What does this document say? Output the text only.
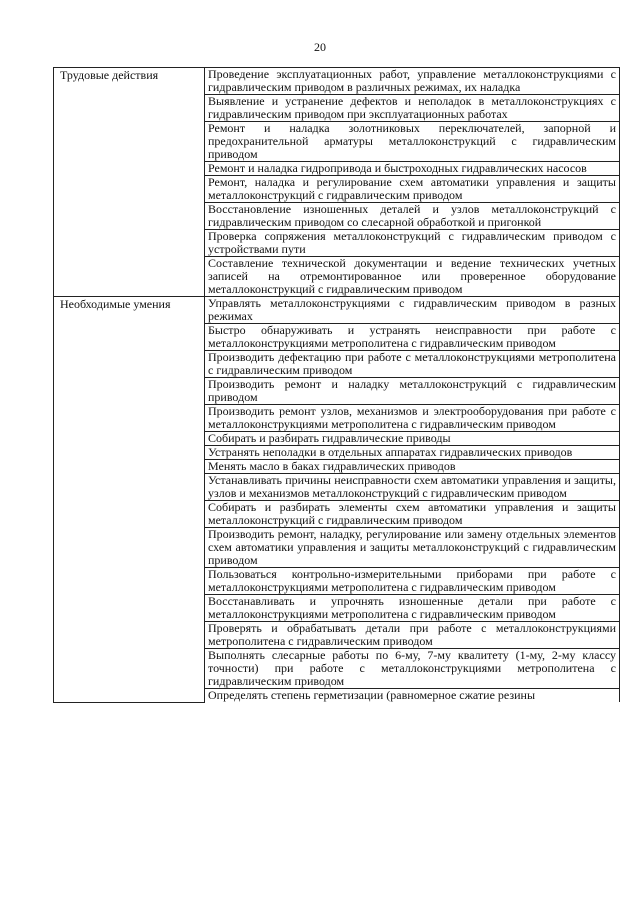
20
Трудовые действия	Проведение эксплуатационных работ, управление металлоконструкциями с гидравлическим приводом в различных режимах, их наладка
	Выявление и устранение дефектов и неполадок в металлоконструкциях с гидравлическим приводом при эксплуатационных работах
	Ремонт и наладка золотниковых переключателей, запорной и предохранительной арматуры металлоконструкций с гидравлическим приводом
	Ремонт и наладка гидропривода и быстроходных гидравлических насосов
	Ремонт, наладка и регулирование схем автоматики управления и защиты металлоконструкций с гидравлическим приводом
	Восстановление изношенных деталей и узлов металлоконструкций с гидравлическим приводом со слесарной обработкой и пригонкой
	Проверка сопряжения металлоконструкций с гидравлическим приводом с устройствами пути
	Составление технической документации и ведение технических учетных записей на отремонтированное или проверенное оборудование металлоконструкций с гидравлическим приводом
Необходимые умения	Управлять металлоконструкциями с гидравлическим приводом в разных режимах
	Быстро обнаруживать и устранять неисправности при работе с металлоконструкциями метрополитена с гидравлическим приводом
	Производить дефектацию при работе с металлоконструкциями метрополитена с гидравлическим приводом
	Производить ремонт и наладку металлоконструкций с гидравлическим приводом
	Производить ремонт узлов, механизмов и электрооборудования при работе с металлоконструкциями метрополитена с гидравлическим приводом
	Собирать и разбирать гидравлические приводы
	Устранять неполадки в отдельных аппаратах гидравлических приводов
	Менять масло в баках гидравлических приводов
	Устанавливать причины неисправности схем автоматики управления и защиты, узлов и механизмов металлоконструкций с гидравлическим приводом
	Собирать и разбирать элементы схем автоматики управления и защиты металлоконструкций с гидравлическим приводом
	Производить ремонт, наладку, регулирование или замену отдельных элементов схем автоматики управления и защиты металлоконструкций с гидравлическим приводом
	Пользоваться контрольно-измерительными приборами при работе с металлоконструкциями метрополитена с гидравлическим приводом
	Восстанавливать и упрочнять изношенные детали при работе с металлоконструкциями метрополитена с гидравлическим приводом
	Проверять и обрабатывать детали при работе с металлоконструкциями метрополитена с гидравлическим приводом
	Выполнять слесарные работы по 6-му, 7-му квалитету (1-му, 2-му классу точности) при работе с металлоконструкциями метрополитена с гидравлическим приводом
	Определять степень герметизации (равномерное сжатие резины
